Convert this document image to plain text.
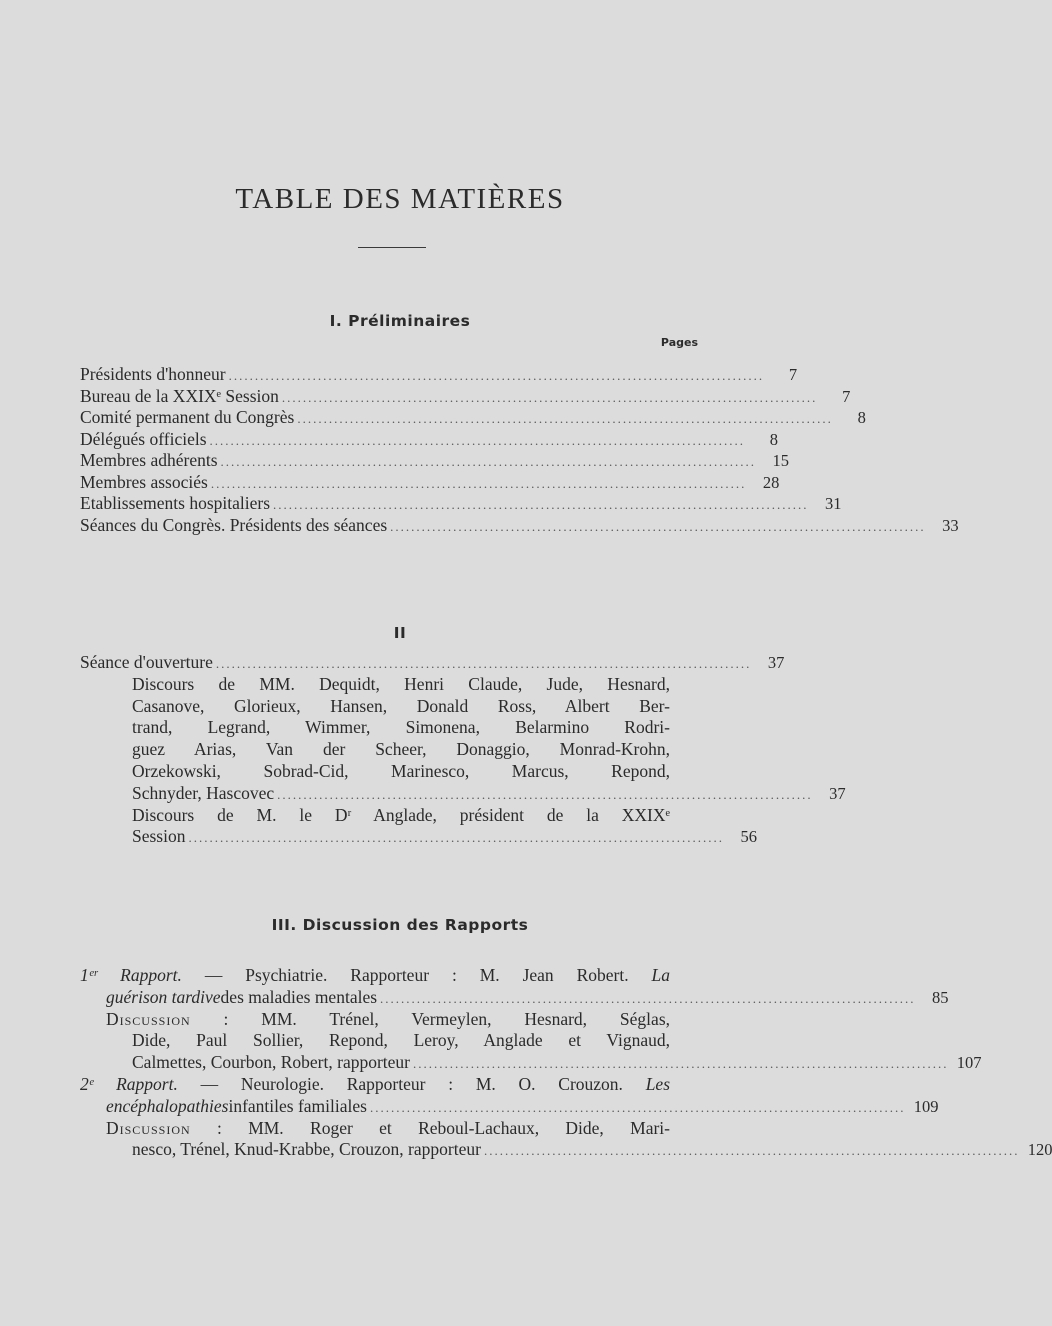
TABLE DES MATIÈRES
I. Préliminaires
Pages
Présidents d'honneur ......................................................................................................	7
Bureau de la XXIXᵉ Session ......................................................................................................	7
Comité permanent du Congrès ......................................................................................................	8
Délégués officiels ......................................................................................................	8
Membres adhérents ......................................................................................................	15
Membres associés ......................................................................................................	28
Etablissements hospitaliers ......................................................................................................	31
Séances du Congrès. Présidents des séances ......................................................................................................	33
II
Séance d'ouverture ......................................................................................................	37
Discours de MM. Dequidt, Henri Claude, Jude, Hesnard,
Casanove, Glorieux, Hansen, Donald Ross, Albert Ber-
trand, Legrand, Wimmer, Simonena, Belarmino Rodri-
guez Arias, Van der Scheer, Donaggio, Monrad-Krohn,
Orzekowski, Sobrad-Cid, Marinesco, Marcus, Repond,
Schnyder, Hascovec ......................................................................................................	37
Discours de M. le Dʳ Anglade, président de la XXIXᵉ
Session ......................................................................................................	56
III. Discussion des Rapports
1ᵉʳ Rapport. — Psychiatrie. Rapporteur : M. Jean Robert. La
guérison tardive des maladies mentales ......................................................................................................	85
Discussion : MM. Trénel, Vermeylen, Hesnard, Séglas,
Dide, Paul Sollier, Repond, Leroy, Anglade et Vignaud,
Calmettes, Courbon, Robert, rapporteur ...................................................................................................... 107
2ᵉ Rapport. — Neurologie. Rapporteur : M. O. Crouzon. Les
encéphalopathies infantiles familiales ...................................................................................................... 109
Discussion : MM. Roger et Reboul-Lachaux, Dide, Mari-
nesco, Trénel, Knud-Krabbe, Crouzon, rapporteur ...................................................................................................... 120
